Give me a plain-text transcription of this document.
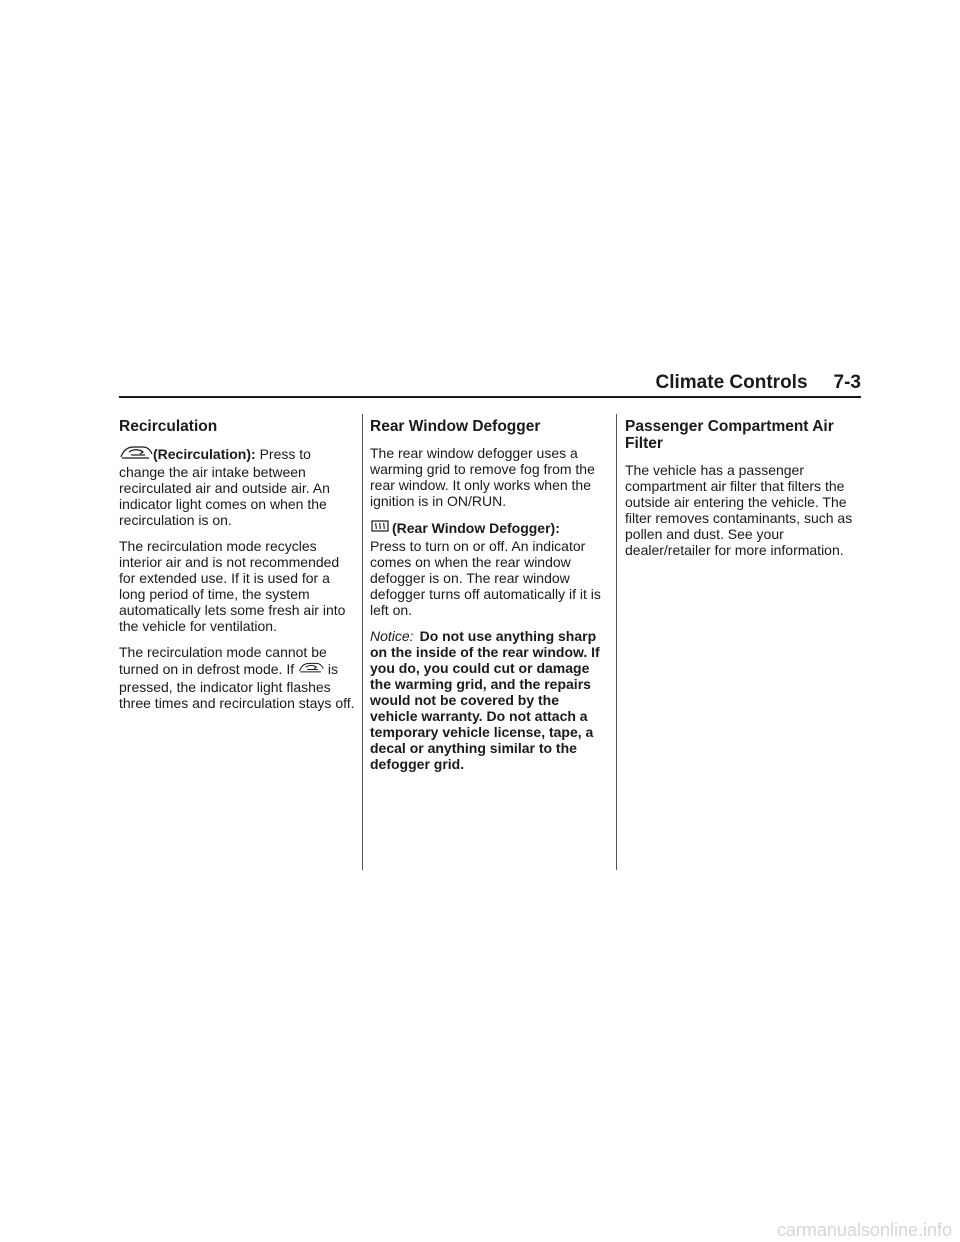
Climate Controls 7-3
Recirculation

(Recirculation): Press to change the air intake between recirculated air and outside air. An indicator light comes on when the recirculation is on.

The recirculation mode recycles interior air and is not recommended for extended use. If it is used for a long period of time, the system automatically lets some fresh air into the vehicle for ventilation.

The recirculation mode cannot be turned on in defrost mode. If  is pressed, the indicator light flashes three times and recirculation stays off.

Rear Window Defogger

The rear window defogger uses a warming grid to remove fog from the rear window. It only works when the ignition is in ON/RUN.

(Rear Window Defogger):
Press to turn on or off. An indicator comes on when the rear window defogger is on. The rear window defogger turns off automatically if it is left on.

Notice: Do not use anything sharp on the inside of the rear window. If you do, you could cut or damage the warming grid, and the repairs would not be covered by the vehicle warranty. Do not attach a temporary vehicle license, tape, a decal or anything similar to the defogger grid.

Passenger Compartment Air Filter

The vehicle has a passenger compartment air filter that filters the outside air entering the vehicle. The filter removes contaminants, such as pollen and dust. See your dealer/retailer for more information.

carmanualsonline.info
